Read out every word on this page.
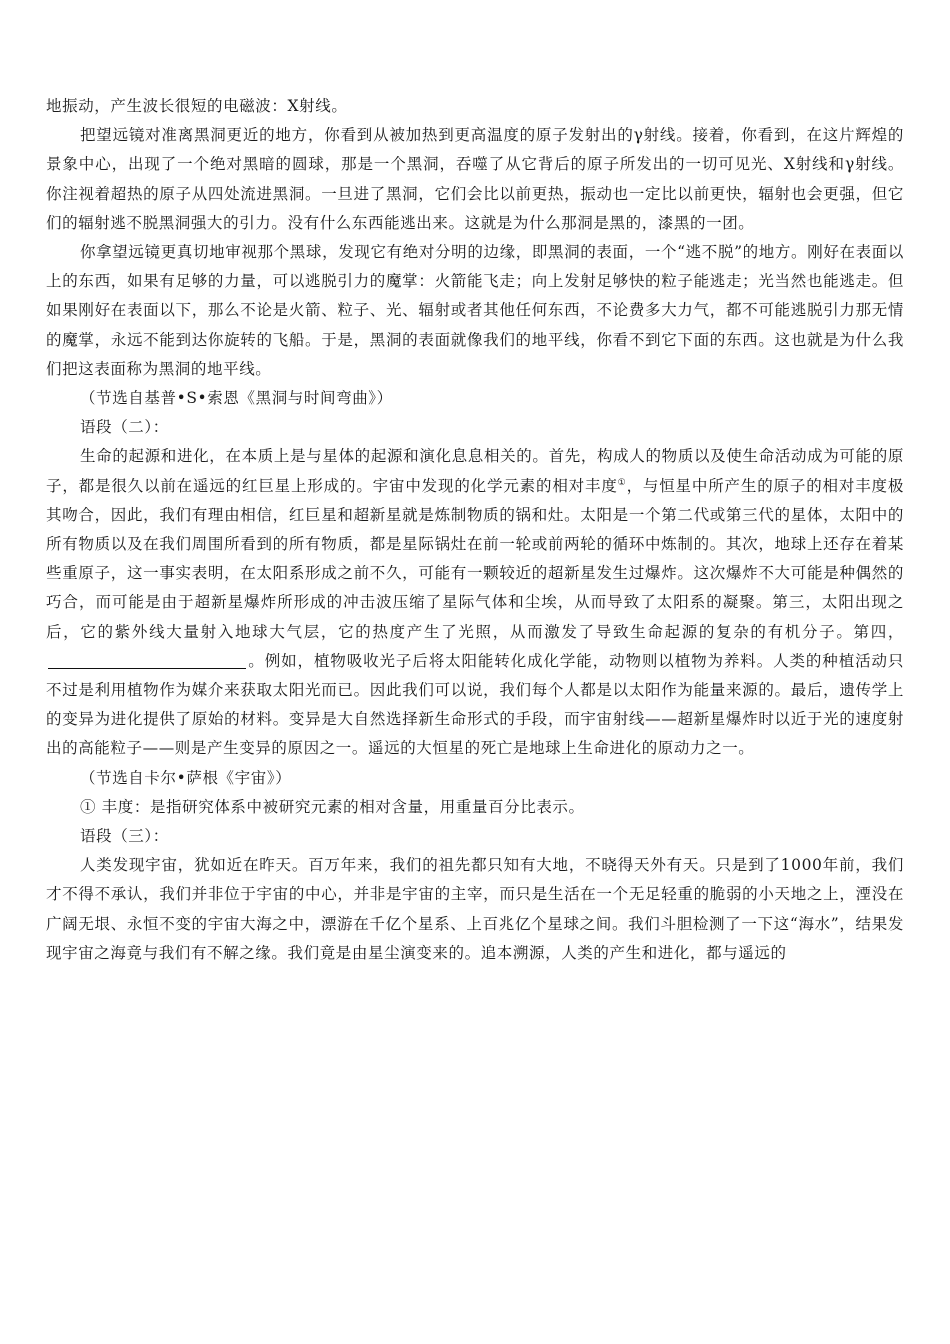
地振动，产生波长很短的电磁波：X射线。

把望远镜对准离黑洞更近的地方，你看到从被加热到更高温度的原子发射出的γ射线。接着，你看到，在这片辉煌的景象中心，出现了一个绝对黑暗的圆球，那是一个黑洞，吞噬了从它背后的原子所发出的一切可见光、X射线和γ射线。你注视着超热的原子从四处流进黑洞。一旦进了黑洞，它们会比以前更热，振动也一定比以前更快，辐射也会更强，但它们的辐射逃不脱黑洞强大的引力。没有什么东西能逃出来。这就是为什么那洞是黑的，漆黑的一团。

你拿望远镜更真切地审视那个黑球，发现它有绝对分明的边缘，即黑洞的表面，一个“逃不脱”的地方。刚好在表面以上的东西，如果有足够的力量，可以逃脱引力的魔掌：火箭能飞走；向上发射足够快的粒子能逃走；光当然也能逃走。但如果刚好在表面以下，那么不论是火箭、粒子、光、辐射或者其他任何东西，不论费多大力气，都不可能逃脱引力那无情的魔掌，永远不能到达你旋转的飞船。于是，黑洞的表面就像我们的地平线，你看不到它下面的东西。这也就是为什么我们把这表面称为黑洞的地平线。

（节选自基普•S•索恩《黑洞与时间弯曲》）

语段（二）：

生命的起源和进化，在本质上是与星体的起源和演化息息相关的。首先，构成人的物质以及使生命活动成为可能的原子，都是很久以前在遥远的红巨星上形成的。宇宙中发现的化学元素的相对丰度①，与恒星中所产生的原子的相对丰度极其吻合，因此，我们有理由相信，红巨星和超新星就是炼制物质的锅和灶。太阳是一个第二代或第三代的星体，太阳中的所有物质以及在我们周围所看到的所有物质，都是星际锅灶在前一轮或前两轮的循环中炼制的。其次，地球上还存在着某些重原子，这一事实表明，在太阳系形成之前不久，可能有一颗较近的超新星发生过爆炸。这次爆炸不大可能是种偶然的巧合，而可能是由于超新星爆炸所形成的冲击波压缩了星际气体和尘埃，从而导致了太阳系的凝聚。第三，太阳出现之后，它的紫外线大量射入地球大气层，它的热度产生了光照，从而激发了导致生命起源的复杂的有机分子。第四，。例如，植物吸收光子后将太阳能转化成化学能，动物则以植物为养料。人类的种植活动只不过是利用植物作为媒介来获取太阳光而已。因此我们可以说，我们每个人都是以太阳作为能量来源的。最后，遗传学上的变异为进化提供了原始的材料。变异是大自然选择新生命形式的手段，而宇宙射线——超新星爆炸时以近于光的速度射出的高能粒子——则是产生变异的原因之一。遥远的大恒星的死亡是地球上生命进化的原动力之一。

（节选自卡尔•萨根《宇宙》）

① 丰度：是指研究体系中被研究元素的相对含量，用重量百分比表示。

语段（三）：

人类发现宇宙，犹如近在昨天。百万年来，我们的祖先都只知有大地，不晓得天外有天。只是到了1000年前，我们才不得不承认，我们并非位于宇宙的中心，并非是宇宙的主宰，而只是生活在一个无足轻重的脆弱的小天地之上，湮没在广阔无垠、永恒不变的宇宙大海之中，漂游在千亿个星系、上百兆亿个星球之间。我们斗胆检测了一下这“海水”，结果发现宇宙之海竟与我们有不解之缘。我们竟是由星尘演变来的。追本溯源，人类的产生和进化，都与遥远的
